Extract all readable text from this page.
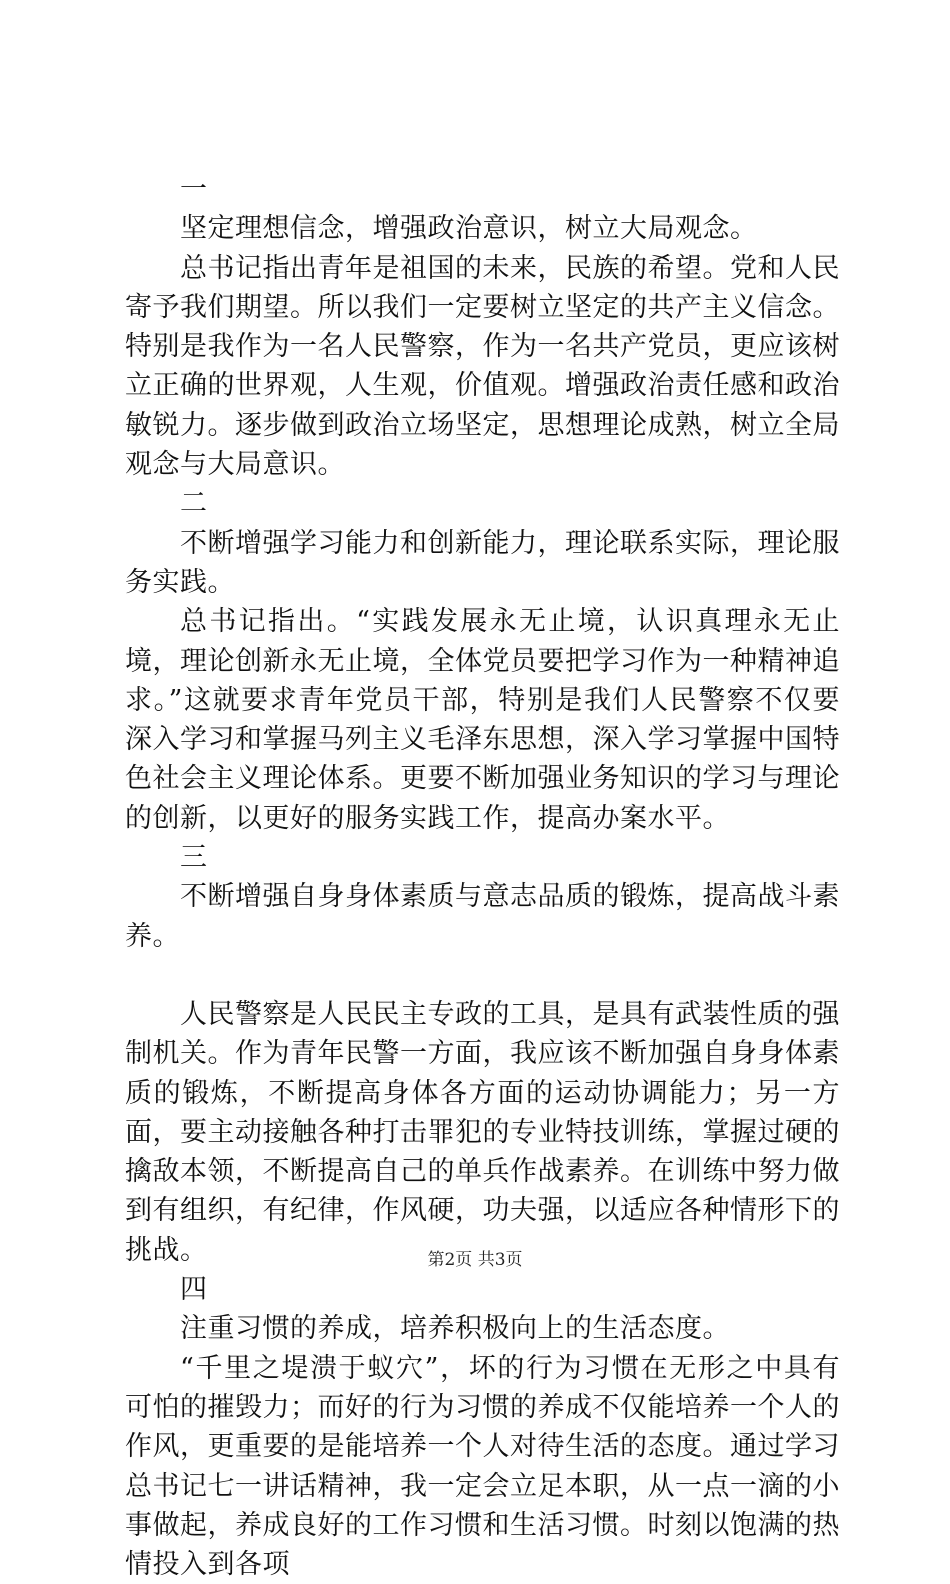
一

坚定理想信念，增强政治意识，树立大局观念。

总书记指出青年是祖国的未来，民族的希望。党和人民寄予我们期望。所以我们一定要树立坚定的共产主义信念。特别是我作为一名人民警察，作为一名共产党员，更应该树立正确的世界观，人生观，价值观。增强政治责任感和政治敏锐力。逐步做到政治立场坚定，思想理论成熟，树立全局观念与大局意识。

二

不断增强学习能力和创新能力，理论联系实际，理论服务实践。

总书记指出。“实践发展永无止境，认识真理永无止境，理论创新永无止境，全体党员要把学习作为一种精神追求。”这就要求青年党员干部，特别是我们人民警察不仅要深入学习和掌握马列主义毛泽东思想，深入学习掌握中国特色社会主义理论体系。更要不断加强业务知识的学习与理论的创新，以更好的服务实践工作，提高办案水平。

三

不断增强自身身体素质与意志品质的锻炼，提高战斗素养。

人民警察是人民民主专政的工具，是具有武装性质的强制机关。作为青年民警一方面，我应该不断加强自身身体素质的锻炼，不断提高身体各方面的运动协调能力；另一方面，要主动接触各种打击罪犯的专业特技训练，掌握过硬的擒敌本领，不断提高自己的单兵作战素养。在训练中努力做到有组织，有纪律，作风硬，功夫强，以适应各种情形下的挑战。

四

注重习惯的养成，培养积极向上的生活态度。

“千里之堤溃于蚁穴”，坏的行为习惯在无形之中具有可怕的摧毁力；而好的行为习惯的养成不仅能培养一个人的作风，更重要的是能培养一个人对待生活的态度。通过学习总书记七一讲话精神，我一定会立足本职，从一点一滴的小事做起，养成良好的工作习惯和生活习惯。时刻以饱满的热情投入到各项

第2页 共3页
